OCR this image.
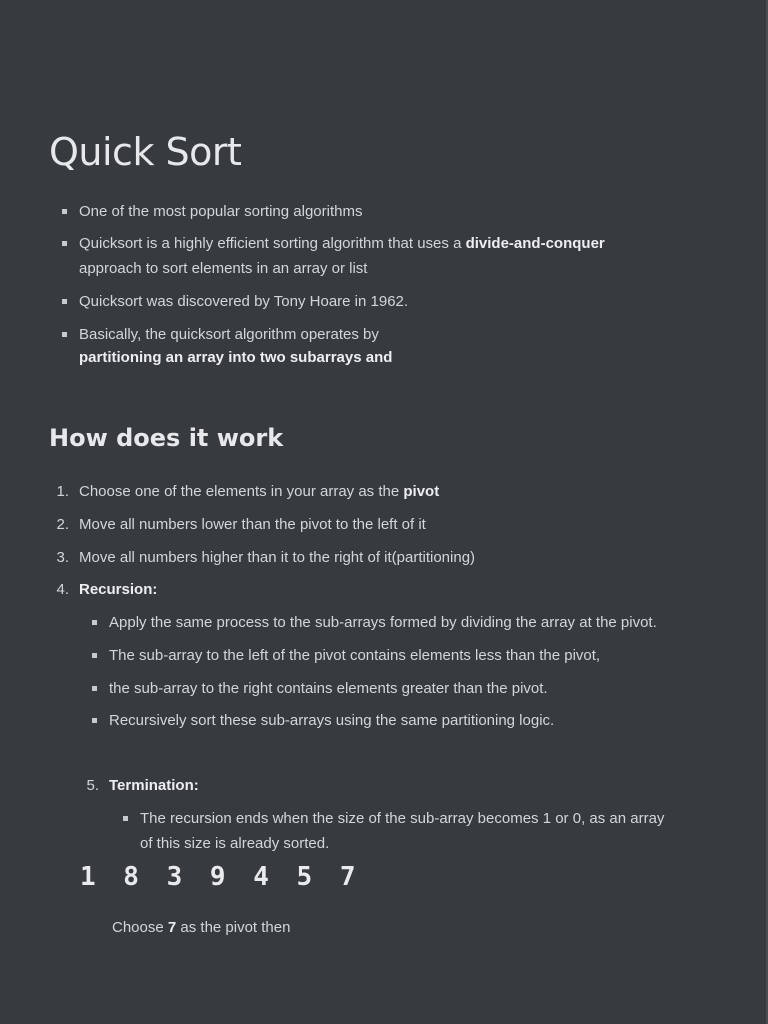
Quick Sort
One of the most popular sorting algorithms
Quicksort is a highly efficient sorting algorithm that uses a divide-and-conquer
approach to sort elements in an array or list
Quicksort was discovered by Tony Hoare in 1962.
Basically, the quicksort algorithm operates by
partitioning an array into two subarrays and
How does it work
1. Choose one of the elements in your array as the pivot
2. Move all numbers lower than the pivot to the left of it
3. Move all numbers higher than it to the right of it(partitioning)
4. Recursion:
Apply the same process to the sub-arrays formed by dividing the array at the pivot.
The sub-array to the left of the pivot contains elements less than the pivot,
the sub-array to the right contains elements greater than the pivot.
Recursively sort these sub-arrays using the same partitioning logic.
5. Termination:
The recursion ends when the size of the sub-array becomes 1 or 0, as an array
of this size is already sorted.
1 8 3 9 4 5 7
Choose 7 as the pivot then
